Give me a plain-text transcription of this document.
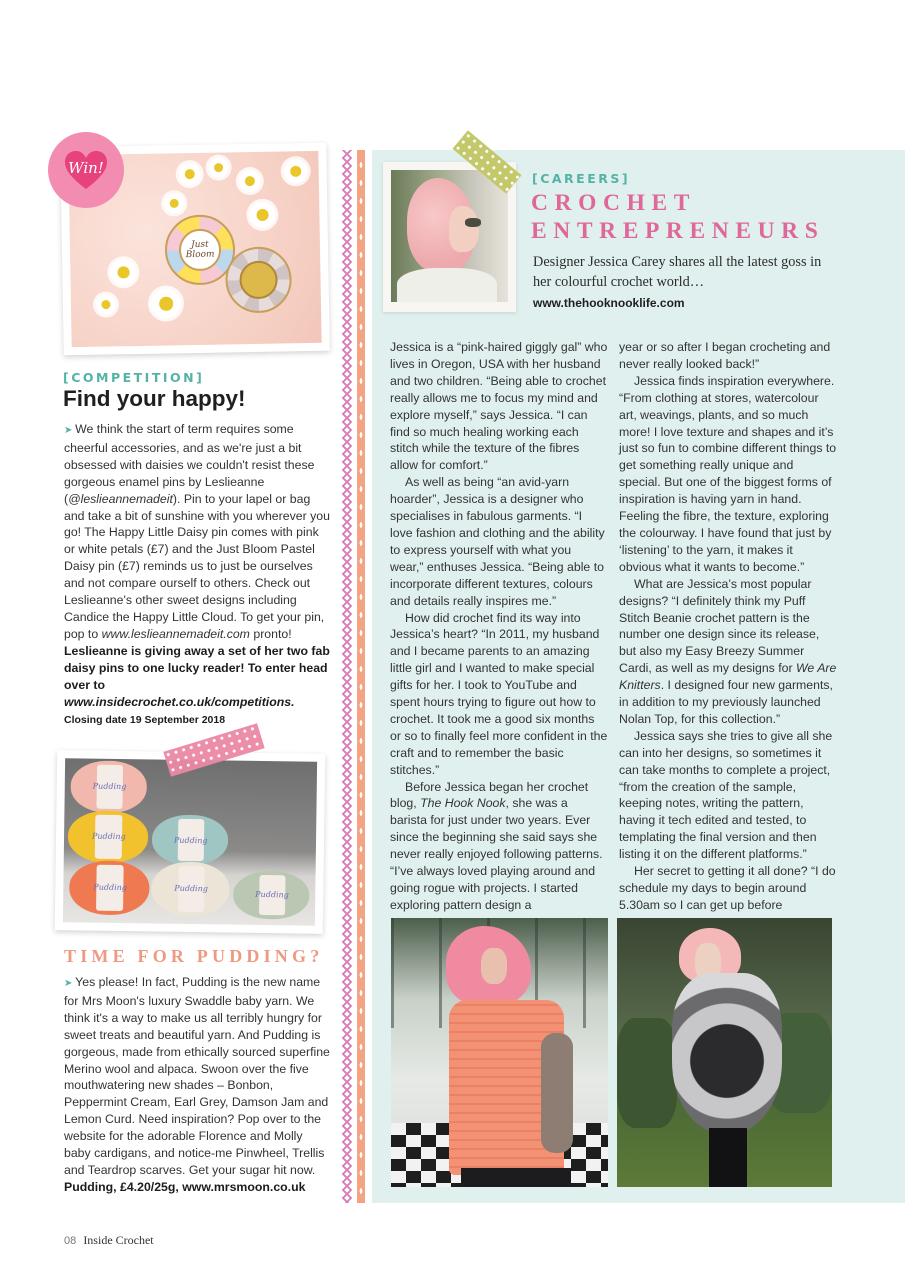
Just Bloom
Win!
[COMPETITION]
Find your happy!
➤ We think the start of term requires some cheerful accessories, and as we're just a bit obsessed with daisies we couldn't resist these gorgeous enamel pins by Leslieanne (@leslieannemadeit). Pin to your lapel or bag and take a bit of sunshine with you wherever you go! The Happy Little Daisy pin comes with pink or white petals (£7) and the Just Bloom Pastel Daisy pin (£7) reminds us to just be ourselves and not compare ourself to others. Check out Leslieanne's other sweet designs including Candice the Happy Little Cloud. To get your pin, pop to www.leslieannemadeit.com pronto!
Leslieanne is giving away a set of her two fab daisy pins to one lucky reader! To enter head over to www.insidecrochet.co.uk/competitions. Closing date 19 September 2018
Pudding
Pudding
Pudding
Pudding
Pudding
Pudding
TIME FOR PUDDING?
➤ Yes please! In fact, Pudding is the new name for Mrs Moon's luxury Swaddle baby yarn. We think it's a way to make us all terribly hungry for sweet treats and beautiful yarn. And Pudding is gorgeous, made from ethically sourced superfine Merino wool and alpaca. Swoon over the five mouthwatering new shades – Bonbon, Peppermint Cream, Earl Grey, Damson Jam and Lemon Curd. Need inspiration? Pop over to the website for the adorable Florence and Molly baby cardigans, and notice-me Pinwheel, Trellis and Teardrop scarves. Get your sugar hit now.
Pudding, £4.20/25g, www.mrsmoon.co.uk
08 Inside Crochet
[CAREERS]
CROCHET
ENTREPRENEURS

Designer Jessica Carey shares all the latest goss in her colourful crochet world…

www.thehooknooklife.com

Jessica is a “pink-haired giggly gal” who lives in Oregon, USA with her husband and two children. “Being able to crochet really allows me to focus my mind and explore myself,” says Jessica. “I can find so much healing working each stitch while the texture of the fibres allow for comfort.”

As well as being “an avid-yarn hoarder”, Jessica is a designer who specialises in fabulous garments. “I love fashion and clothing and the ability to express yourself with what you wear,” enthuses Jessica. “Being able to incorporate different textures, colours and details really inspires me.”

How did crochet find its way into Jessica’s heart? “In 2011, my husband and I became parents to an amazing little girl and I wanted to make special gifts for her. I took to YouTube and spent hours trying to figure out how to crochet. It took me a good six months or so to finally feel more confident in the craft and to remember the basic stitches.”

Before Jessica began her crochet blog, The Hook Nook, she was a barista for just under two years. Ever since the beginning she said says she never really enjoyed following patterns. “I’ve always loved playing around and going rogue with projects. I started exploring pattern design a

year or so after I began crocheting and never really looked back!”

Jessica finds inspiration everywhere. “From clothing at stores, watercolour art, weavings, plants, and so much more! I love texture and shapes and it’s just so fun to combine different things to get something really unique and special. But one of the biggest forms of inspiration is having yarn in hand. Feeling the fibre, the texture, exploring the colourway. I have found that just by ‘listening’ to the yarn, it makes it obvious what it wants to become.”

What are Jessica’s most popular designs? “I definitely think my Puff Stitch Beanie crochet pattern is the number one design since its release, but also my Easy Breezy Summer Cardi, as well as my designs for We Are Knitters. I designed four new garments, in addition to my previously launched Nolan Top, for this collection.”

Jessica says she tries to give all she can into her designs, so sometimes it can take months to complete a project, “from the creation of the sample, keeping notes, writing the pattern, having it tech edited and tested, to templating the final version and then listing it on the different platforms.”

Her secret to getting it all done? “I do schedule my days to begin around 5.30am so I can get up before
